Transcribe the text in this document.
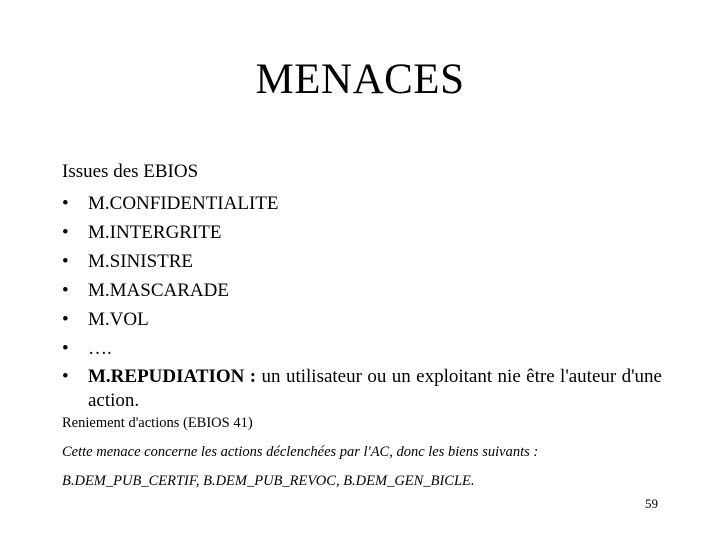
MENACES
Issues des EBIOS
• M.CONFIDENTIALITE
• M.INTERGRITE
• M.SINISTRE
• M.MASCARADE
• M.VOL
• ….
• M.REPUDIATION : un utilisateur ou un exploitant nie être l'auteur d'une action.
Reniement d'actions (EBIOS 41)
Cette menace concerne les actions déclenchées par l'AC, donc les biens suivants :
B.DEM_PUB_CERTIF, B.DEM_PUB_REVOC, B.DEM_GEN_BICLE.
59
